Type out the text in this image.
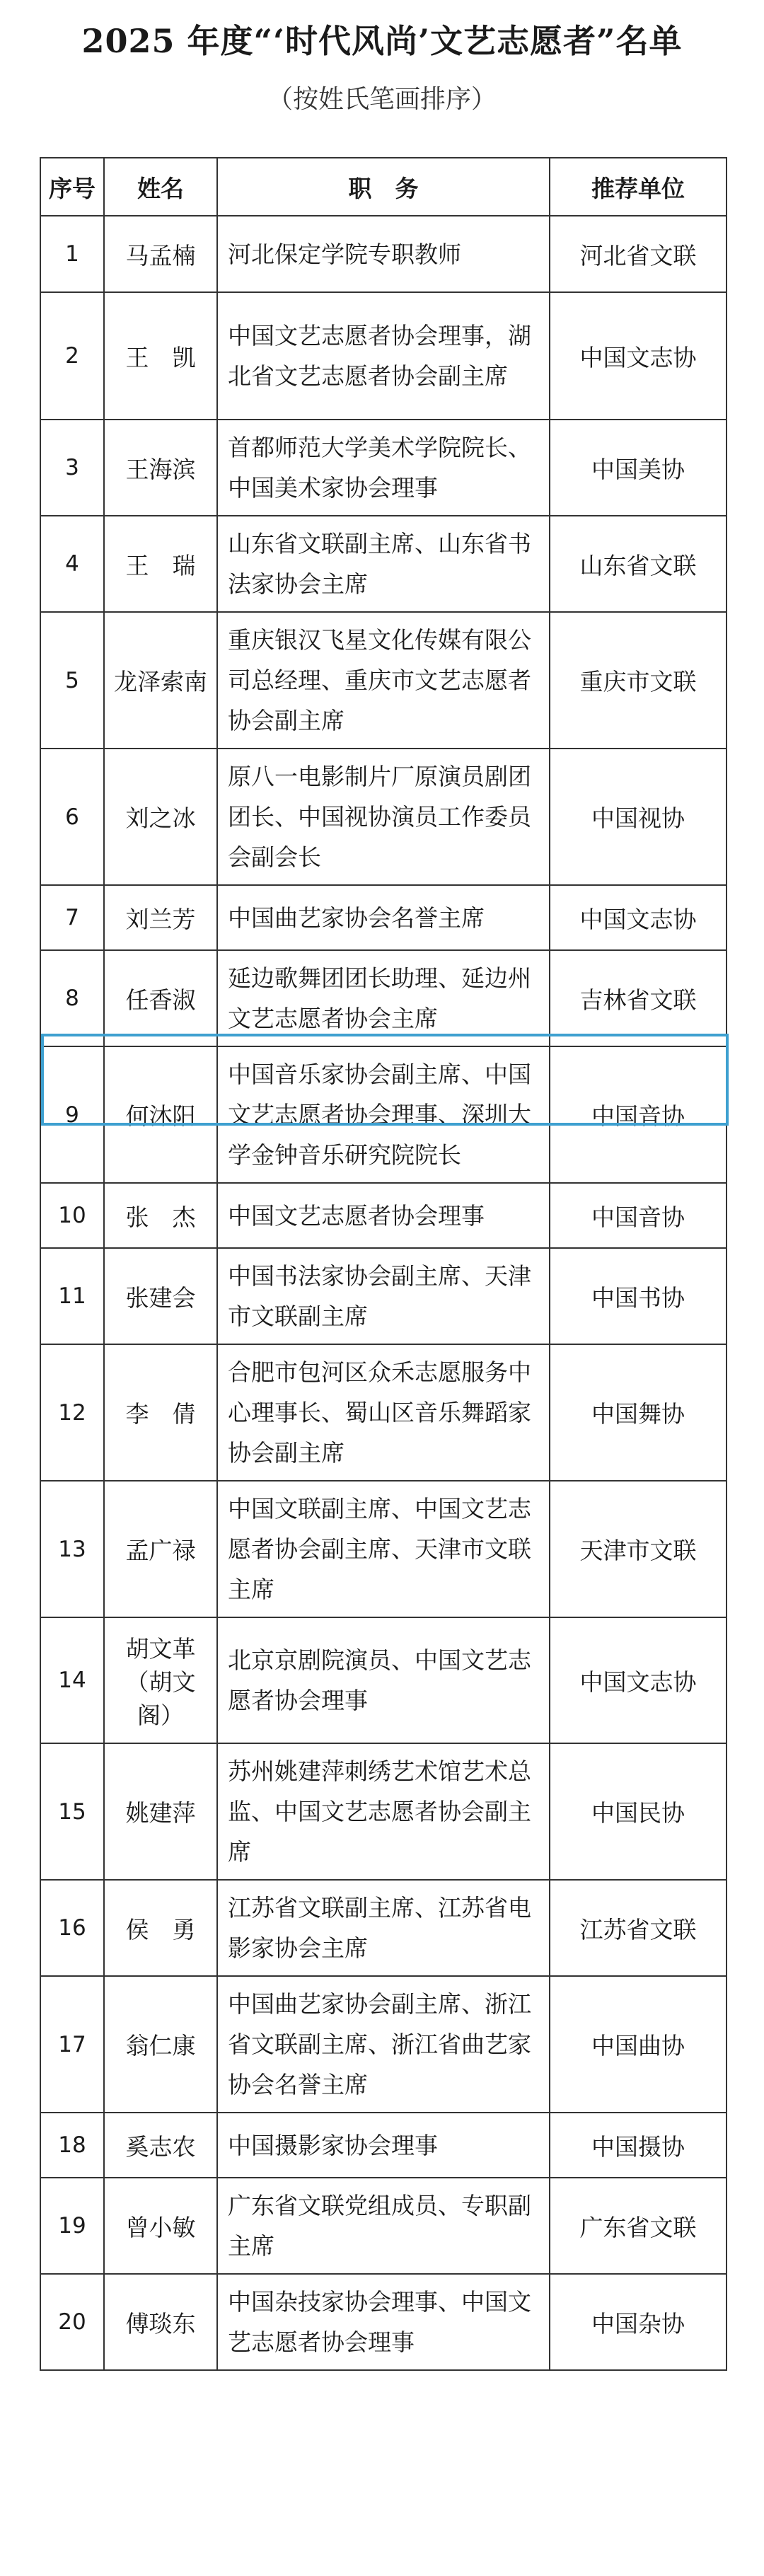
2025 年度“‘时代风尚’文艺志愿者”名单
（按姓氏笔画排序）
序号	姓名	职　务	推荐单位
1	马孟楠	河北保定学院专职教师	河北省文联
2	王　凯	中国文艺志愿者协会理事，湖北省文艺志愿者协会副主席	中国文志协
3	王海滨	首都师范大学美术学院院长、中国美术家协会理事	中国美协
4	王　瑞	山东省文联副主席、山东省书法家协会主席	山东省文联
5	龙泽索南	重庆银汉飞星文化传媒有限公司总经理、重庆市文艺志愿者协会副主席	重庆市文联
6	刘之冰	原八一电影制片厂原演员剧团团长、中国视协演员工作委员会副会长	中国视协
7	刘兰芳	中国曲艺家协会名誉主席	中国文志协
8	任香淑	延边歌舞团团长助理、延边州文艺志愿者协会主席	吉林省文联
9	何沐阳	中国音乐家协会副主席、中国文艺志愿者协会理事、深圳大学金钟音乐研究院院长	中国音协
10	张　杰	中国文艺志愿者协会理事	中国音协
11	张建会	中国书法家协会副主席、天津市文联副主席	中国书协
12	李　倩	合肥市包河区众禾志愿服务中心理事长、蜀山区音乐舞蹈家协会副主席	中国舞协
13	孟广禄	中国文联副主席、中国文艺志愿者协会副主席、天津市文联主席	天津市文联
14	胡文革（胡文阁）	北京京剧院演员、中国文艺志愿者协会理事	中国文志协
15	姚建萍	苏州姚建萍刺绣艺术馆艺术总监、中国文艺志愿者协会副主席	中国民协
16	侯　勇	江苏省文联副主席、江苏省电影家协会主席	江苏省文联
17	翁仁康	中国曲艺家协会副主席、浙江省文联副主席、浙江省曲艺家协会名誉主席	中国曲协
18	奚志农	中国摄影家协会理事	中国摄协
19	曾小敏	广东省文联党组成员、专职副主席	广东省文联
20	傅琰东	中国杂技家协会理事、中国文艺志愿者协会理事	中国杂协
